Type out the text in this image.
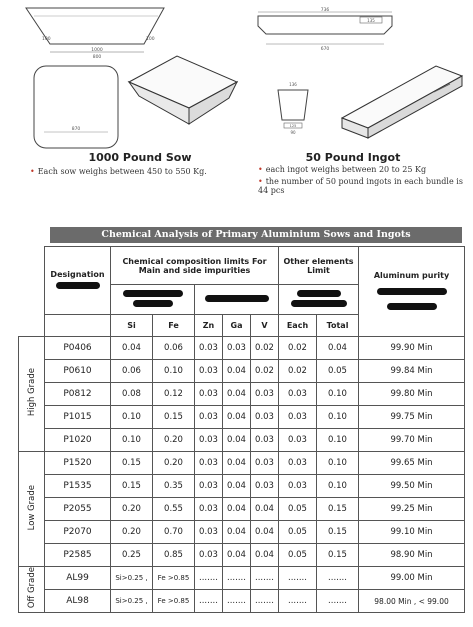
1000
800
100	100
870
736
135
670
136
125
90
1000 Pound Sow
• Each sow weighs between 450 to 550 Kg.
50 Pound Ingot
• each ingot weighs between 20 to 25 Kg
• the number of 50 pound ingots in each bundle is 44 pcs
Chemical Analysis of Primary Aluminium Sows and Ingots

	Designation	Chemical composition limits For Main and side impurities					Other elements Limit		Aluminum purity

		Si	Fe	Zn	Ga	V	Each	Total	
High Grade	P0406	0.04	0.06	0.03	0.03	0.02	0.02	0.04	99.90 Min
	P0610	0.06	0.10	0.03	0.04	0.02	0.02	0.05	99.84 Min
	P0812	0.08	0.12	0.03	0.04	0.03	0.03	0.10	99.80 Min
	P1015	0.10	0.15	0.03	0.04	0.03	0.03	0.10	99.75 Min
	P1020	0.10	0.20	0.03	0.04	0.03	0.03	0.10	99.70 Min
Low Grade	P1520	0.15	0.20	0.03	0.04	0.03	0.03	0.10	99.65 Min
	P1535	0.15	0.35	0.03	0.04	0.03	0.03	0.10	99.50 Min
	P2055	0.20	0.55	0.03	0.04	0.04	0.05	0.15	99.25 Min
	P2070	0.20	0.70	0.03	0.04	0.04	0.05	0.15	99.10 Min
	P2585	0.25	0.85	0.03	0.04	0.04	0.05	0.15	98.90 Min
Off Grade	AL99	Si>0.25 ,	Fe >0.85	.......	.......	.......	.......	.......	99.00 Min
	AL98	Si>0.25 ,	Fe >0.85	.......	.......	.......	.......	.......	98.00 Min , < 99.00
